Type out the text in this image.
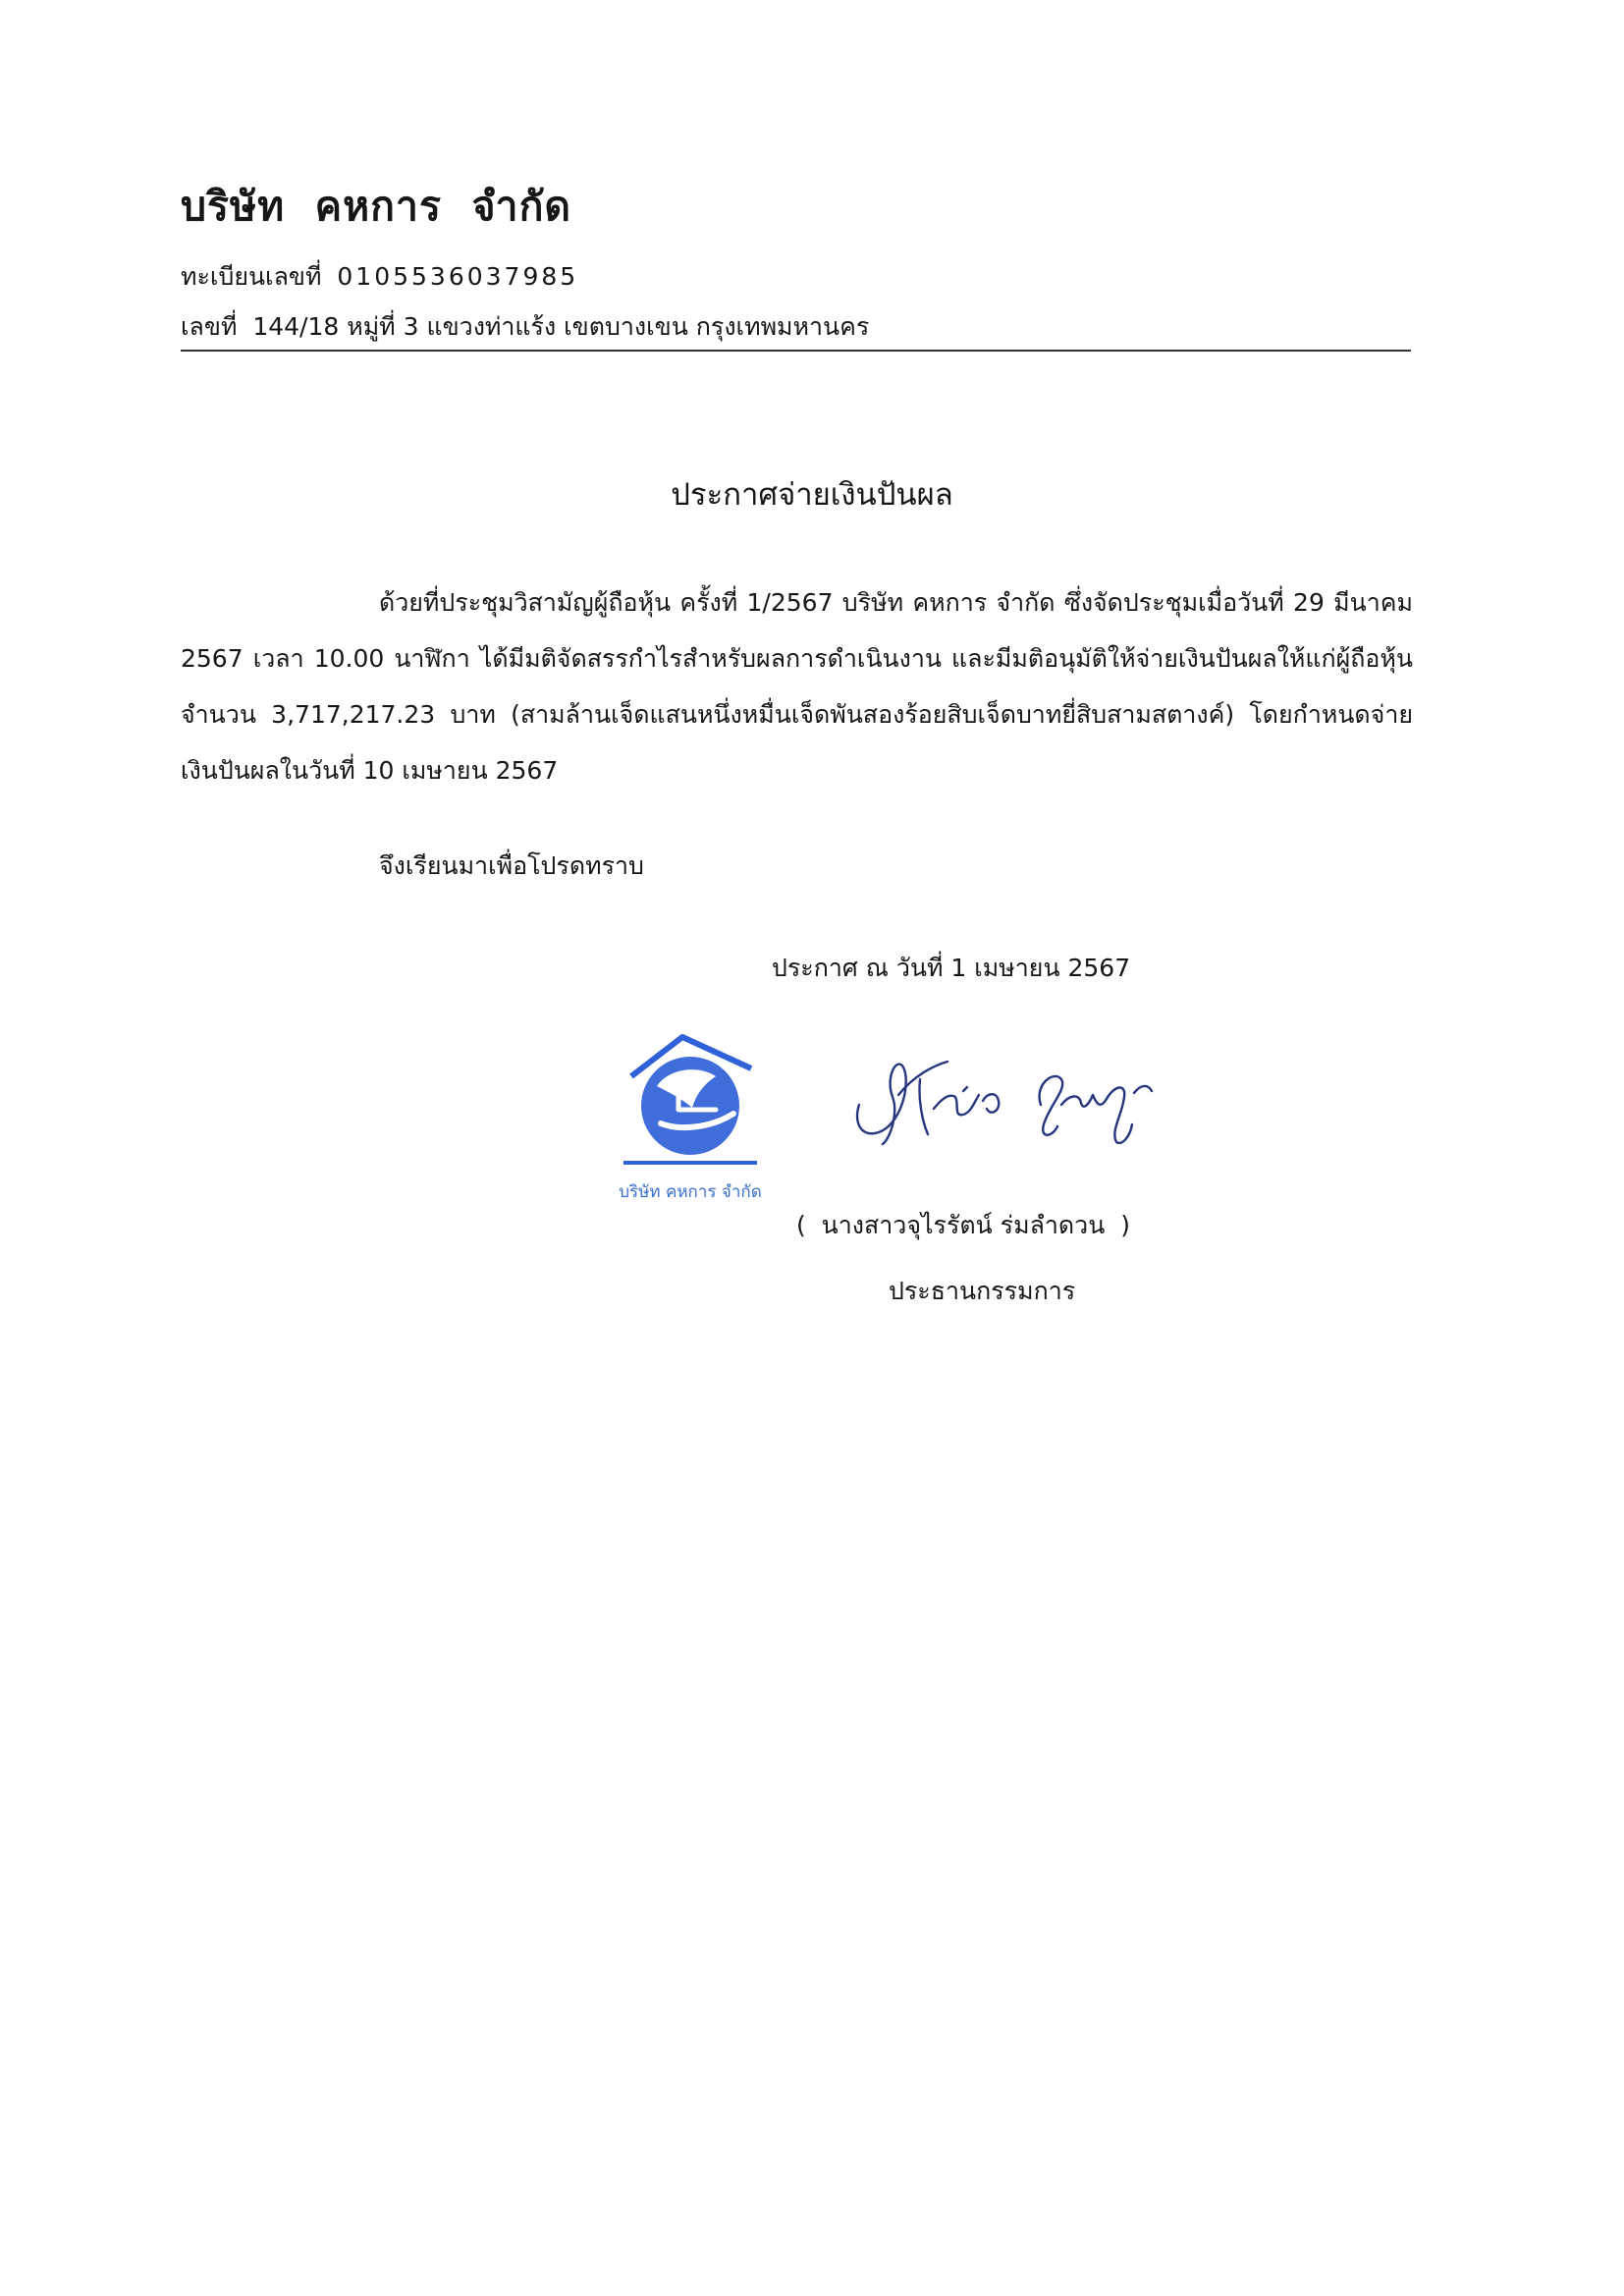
บริษัท  คหการ  จำกัด
ทะเบียนเลขที่ 0105536037985
เลขที่  144/18 หมู่ที่ 3 แขวงท่าแร้ง เขตบางเขน กรุงเทพมหานคร
ประกาศจ่ายเงินปันผล
ด้วยที่ประชุมวิสามัญผู้ถือหุ้น ครั้งที่ 1/2567 บริษัท คหการ จำกัด ซึ่งจัดประชุมเมื่อวันที่ 29 มีนาคม 2567 เวลา 10.00 นาฬิกา ได้มีมติจัดสรรกำไรสำหรับผลการดำเนินงาน และมีมติอนุมัติให้จ่ายเงินปันผลให้แก่ผู้ถือหุ้นจำนวน 3,717,217.23 บาท (สามล้านเจ็ดแสนหนึ่งหมื่นเจ็ดพันสองร้อยสิบเจ็ดบาทยี่สิบสามสตางค์) โดยกำหนดจ่ายเงินปันผลในวันที่ 10 เมษายน 2567
จึงเรียนมาเพื่อโปรดทราบ
ประกาศ ณ วันที่ 1 เมษายน 2567
บริษัท คหการ จำกัด
(  นางสาวจุไรรัตน์ ร่มลำดวน  )
ประธานกรรมการ
